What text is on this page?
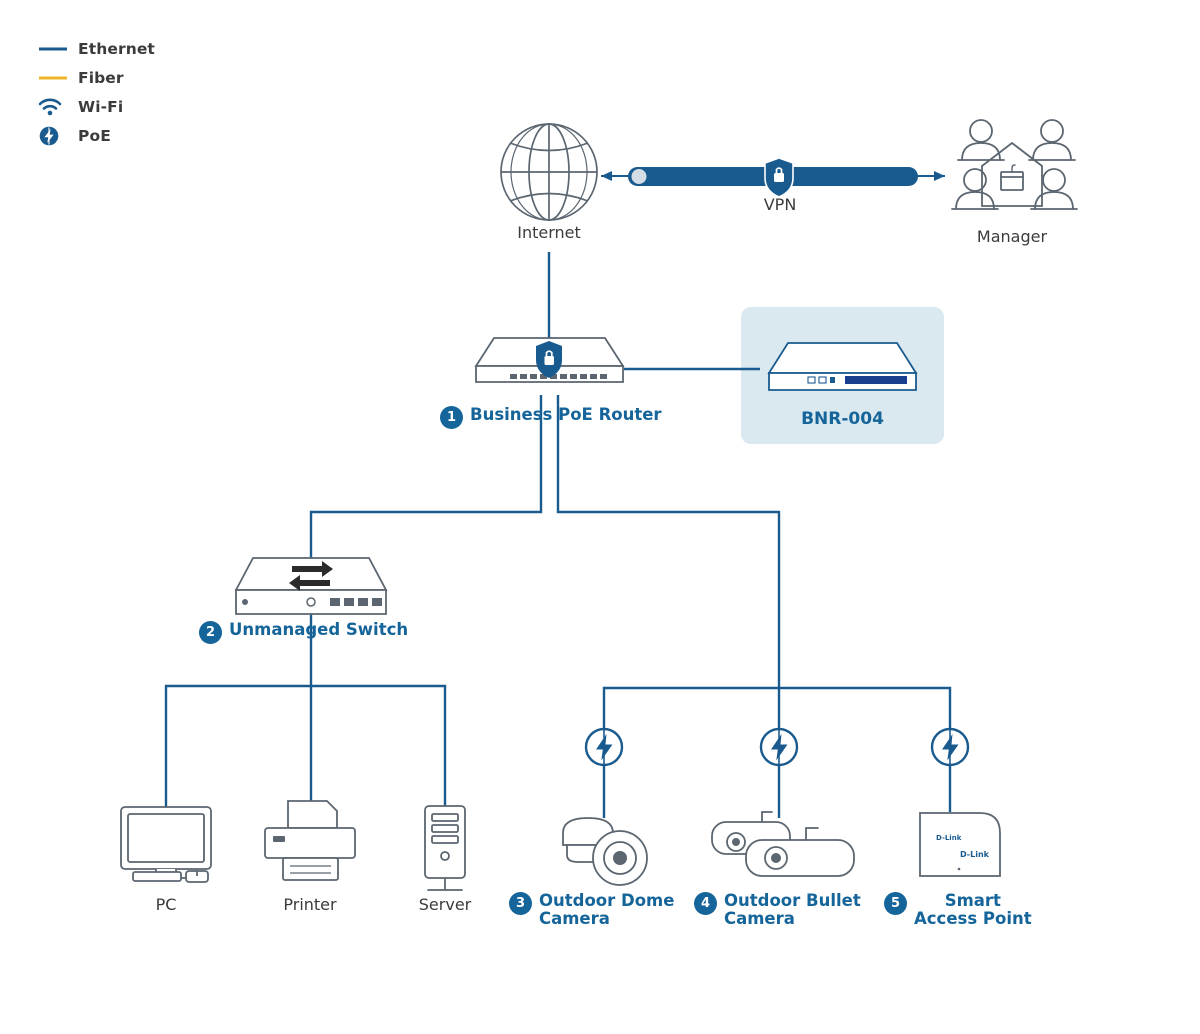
Ethernet
Fiber
Wi-Fi
PoE
BNR-004
D-Link
D-Link
Internet
VPN
Manager
1 Business PoE Router
2 Unmanaged Switch
PC	Printer	Server	3 Outdoor Dome
Camera
4 Outdoor Bullet
Camera
5	Smart
Access Point
